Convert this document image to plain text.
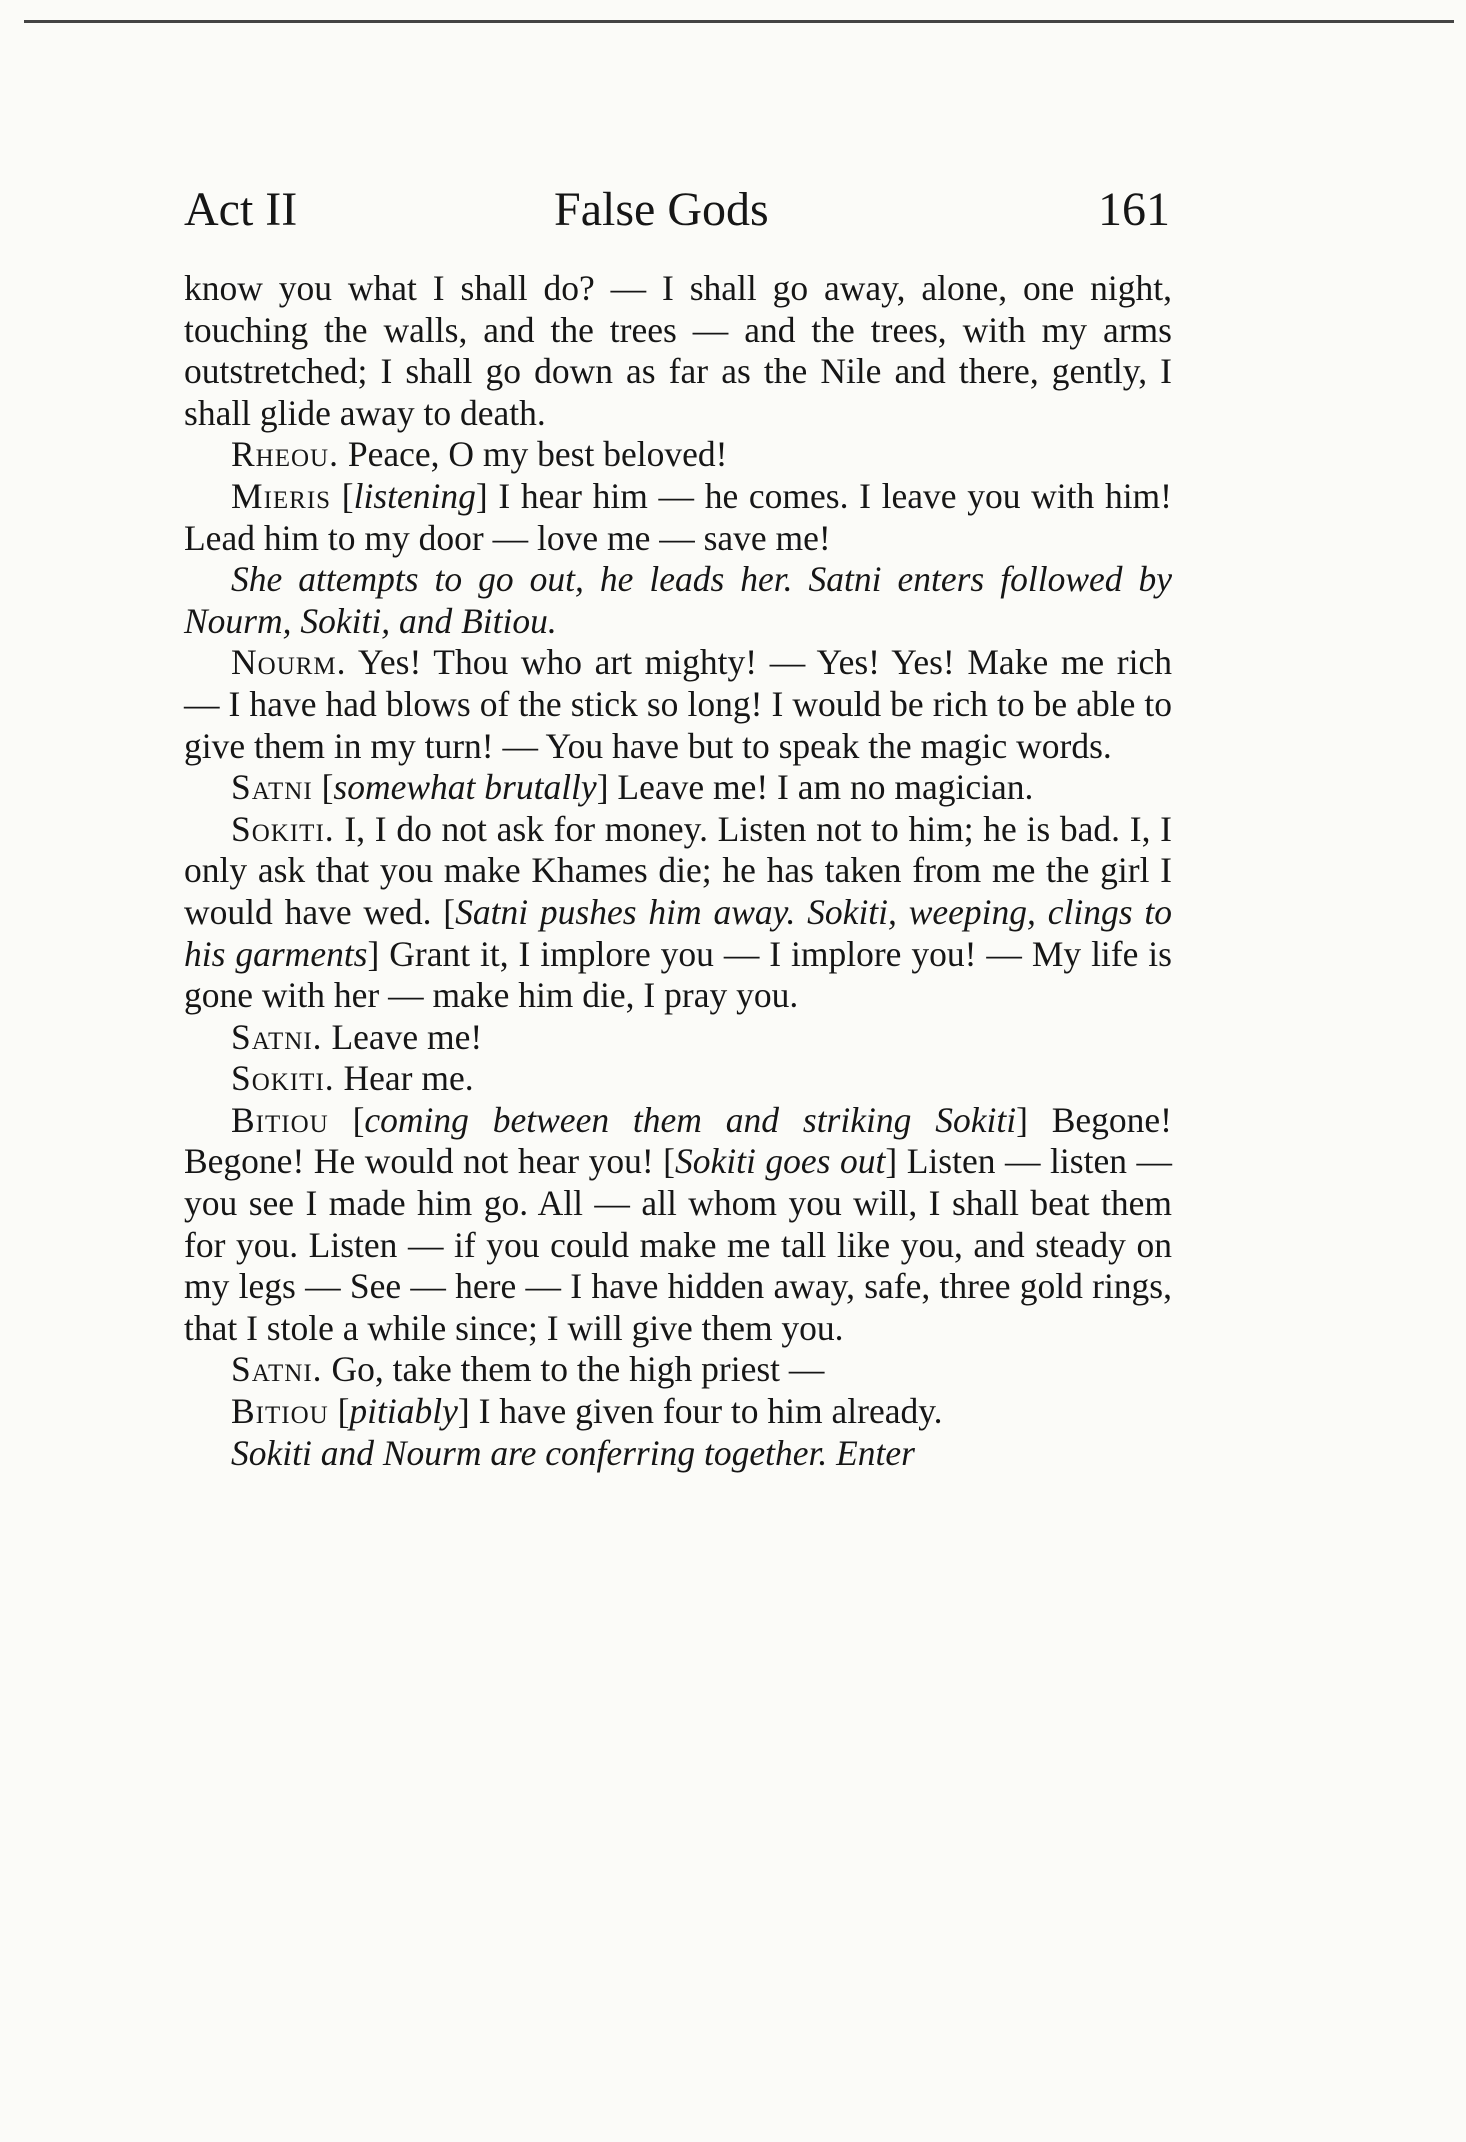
Act II	False Gods	161

know you what I shall do? — I shall go away, alone, one night, touching the walls, and the trees — and the trees, with my arms outstretched; I shall go down as far as the Nile and there, gently, I shall glide away to death.

Rheou. Peace, O my best beloved!

Mieris [listening] I hear him — he comes. I leave you with him! Lead him to my door — love me — save me!

She attempts to go out, he leads her. Satni enters followed by Nourm, Sokiti, and Bitiou.

Nourm. Yes! Thou who art mighty! — Yes! Yes! Make me rich — I have had blows of the stick so long! I would be rich to be able to give them in my turn! — You have but to speak the magic words.

Satni [somewhat brutally] Leave me! I am no magician.

Sokiti. I, I do not ask for money. Listen not to him; he is bad. I, I only ask that you make Khames die; he has taken from me the girl I would have wed. [Satni pushes him away. Sokiti, weeping, clings to his garments] Grant it, I implore you — I implore you! — My life is gone with her — make him die, I pray you.

Satni. Leave me!

Sokiti. Hear me.

Bitiou [coming between them and striking Sokiti] Begone! Begone! He would not hear you! [Sokiti goes out] Listen — listen — you see I made him go. All — all whom you will, I shall beat them for you. Listen — if you could make me tall like you, and steady on my legs — See — here — I have hidden away, safe, three gold rings, that I stole a while since; I will give them you.

Satni. Go, take them to the high priest —

Bitiou [pitiably] I have given four to him already.

Sokiti and Nourm are conferring together. Enter
